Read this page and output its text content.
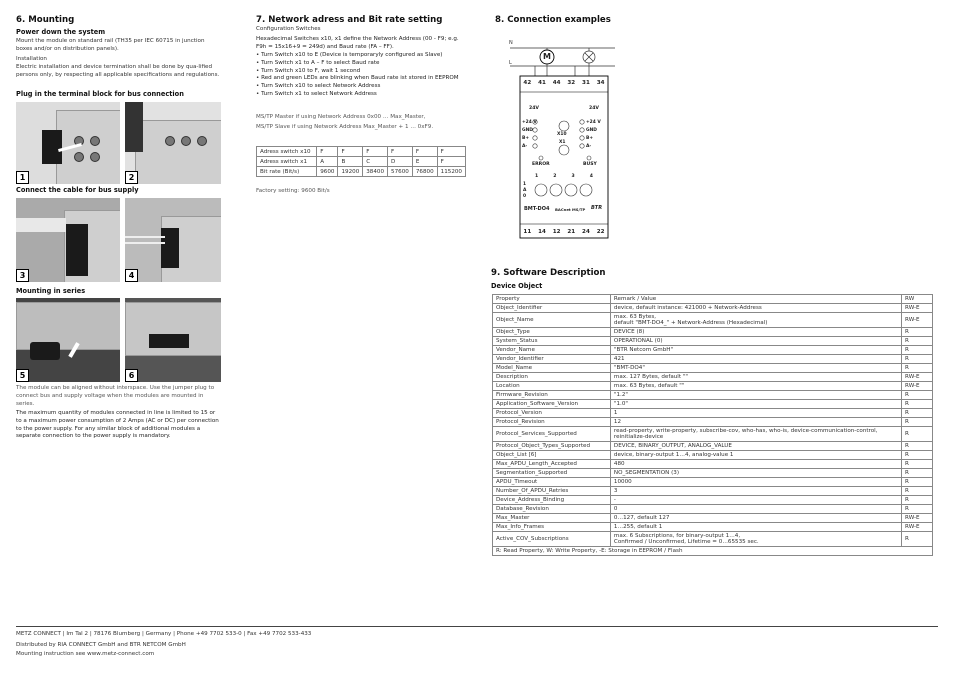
6. Mounting
Power down the system
Mount the module on standard rail (TH35 per IEC 60715 in junction boxes and/or on distribution panels).
Installation
Electric installation and device termination shall be done by qua-lified persons only, by respecting all applicable specifications and regulations.
Plug in the terminal block for bus connection
1	2
Connect the cable for bus supply
3	4
Mounting in series
5	6
The module can be aligned without interspace. Use the jumper plug to connect bus and supply voltage when the modules are mounted in series.
The maximum quantity of modules connected in line is limited to 15 or to a maximum power consumption of 2 Amps (AC or DC) per connection to the power supply. For any similar block of additional modules a separate connection to the power supply is mandatory.
7. Network adress and Bit rate setting
Configuration Switches
Hexadecimal Switches x10, x1 define the Network Address (00 - F9; e.g. F9h = 15x16+9 = 249d) and Baud rate (FA – FF).
• Turn Switch x10 to E (Device is temporaryly configured as Slave)
• Turn Switch x1 to A – F to select Baud rate
• Turn Switch x10 to F, wait 1 second
• Red and green LEDs are blinking when Baud rate ist stored in EEPROM
• Turn Switch x10 to select Network Address
• Turn Switch x1 to select Network Address
MS/TP Master if using Network Address 0x00 … Max_Master,
MS/TP Slave if using Network Address Max_Master + 1 … 0xF9.
Adress switch x10	F	F	F	F	F	F
Adress switch x1	A	B	C	D	E	F
Bit rate (Bit/s)	9600	19200	38400	57600	76800	115200
Factory setting: 9600 Bit/s
8. Connection examples
N
L
M
42 41 44 32 31 34
24V	24V
+24 V
GND
B+
A-
+24 V
GND
B+
A-
X10
X1
ERROR	BUSY
1	2	3	4
1
A
0
BMT-DO4 BACnet MS/TP BTR
11 14 12 21 24 22
9. Software Description
Device Object
Property	Remark / Value	RW
Object_Identifier	device, default instance: 421000 + Network-Address	RW-E
Object_Name	max. 63 Bytes,
default "BMT-DO4_" + Network-Address (Hexadecimal)	RW-E
Object_Type	DEVICE (8)	R
System_Status	OPERATIONAL (0)	R
Vendor_Name	"BTR Netcom GmbH"	R
Vendor_Identifier	421	R
Model_Name	"BMT-DO4"	R
Description	max. 127 Bytes, default ""	RW-E
Location	max. 63 Bytes, default ""	RW-E
Firmware_Revision	"1.2"	R
Application_Software_Version	"1.0"	R
Protocol_Version	1	R
Protocol_Revision	12	R
Protocol_Services_Supported	read-property, write-property, subscribe-cov, who-has, who-is, device-communication-control, reinitialize-device	R
Protocol_Object_Types_Supported	DEVICE, BINARY_OUTPUT, ANALOG_VALUE	R
Object_List [6]	device, binary-output 1…4, analog-value 1	R
Max_APDU_Length_Accepted	480	R
Segmentation_Supported	NO_SEGMENTATION (3)	R
APDU_Timeout	10000	R
Number_Of_APDU_Retries	3	R
Device_Address_Binding	-	R
Database_Revision	0	R
Max_Master	0…127, default 127	RW-E
Max_Info_Frames	1…255, default 1	RW-E
Active_COV_Subscriptions	max. 6 Subscriptions, for binary-output 1…4,
Confirmed / Unconfirmed, Lifetime = 0…65535 sec.	R
R: Read Property, W: Write Property, -E: Storage in EEPROM / Flash		
METZ CONNECT | Im Tal 2 | 78176 Blumberg | Germany | Phone +49 7702 533-0 | Fax +49 7702 533-433
Distributed by RIA CONNECT GmbH and BTR NETCOM GmbH
Mounting instruction see www.metz-connect.com
